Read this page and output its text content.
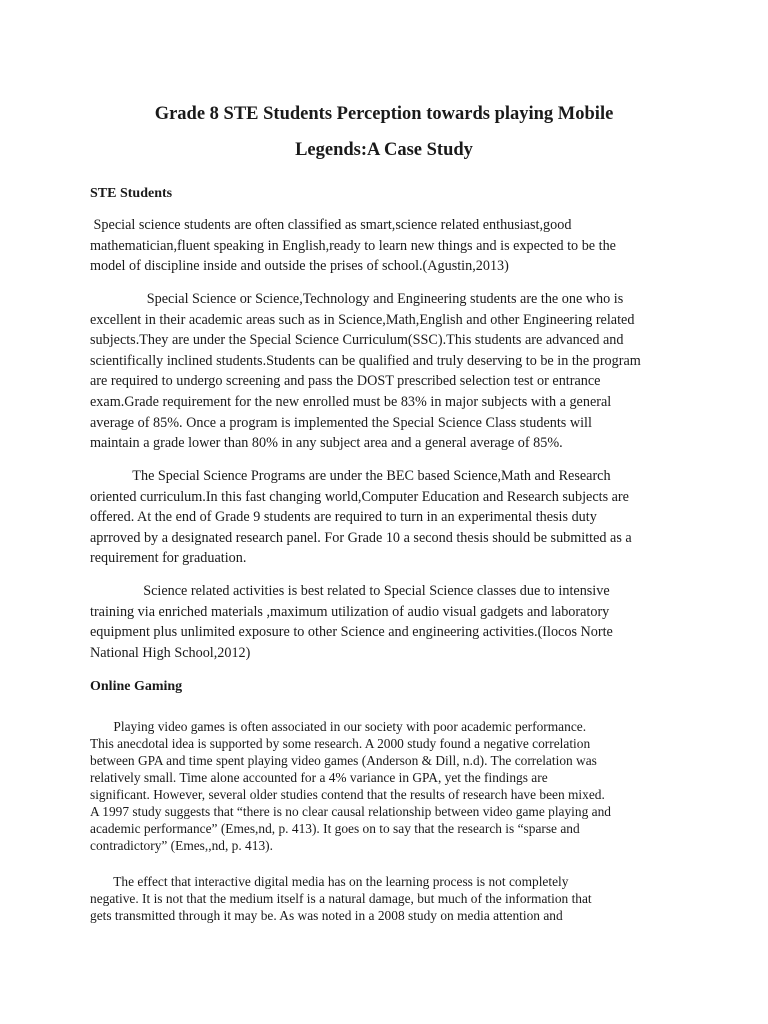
Grade 8 STE Students Perception towards playing Mobile
Legends:A Case Study
STE Students

Special science students are often classified as smart,science related enthusiast,good
mathematician,fluent speaking in English,ready to learn new things and is expected to be the
model of discipline inside and outside the prises of school.(Agustin,2013)

Special Science or Science,Technology and Engineering students are the one who is
excellent in their academic areas such as in Science,Math,English and other Engineering related
subjects.They are under the Special Science Curriculum(SSC).This students are advanced and
scientifically inclined students.Students can be qualified and truly deserving to be in the program
are required to undergo screening and pass the DOST prescribed selection test or entrance
exam.Grade requirement for the new enrolled must be 83% in major subjects with a general
average of 85%. Once a program is implemented the Special Science Class students will
maintain a grade lower than 80% in any subject area and a general average of 85%.

The Special Science Programs are under the BEC based Science,Math and Research
oriented curriculum.In this fast changing world,Computer Education and Research subjects are
offered. At the end of Grade 9 students are required to turn in an experimental thesis duty
aprroved by a designated research panel. For Grade 10 a second thesis should be submitted as a
requirement for graduation.

Science related activities is best related to Special Science classes due to intensive
training via enriched materials ,maximum utilization of audio visual gadgets and laboratory
equipment plus unlimited exposure to other Science and engineering activities.(Ilocos Norte
National High School,2012)

Online Gaming

Playing video games is often associated in our society with poor academic performance.
This anecdotal idea is supported by some research. A 2000 study found a negative correlation
between GPA and time spent playing video games (Anderson & Dill, n.d). The correlation was
relatively small. Time alone accounted for a 4% variance in GPA, yet the findings are
significant. However, several older studies contend that the results of research have been mixed.
A 1997 study suggests that “there is no clear causal relationship between video game playing and
academic performance” (Emes,nd, p. 413). It goes on to say that the research is “sparse and
contradictory” (Emes,,nd, p. 413).

The effect that interactive digital media has on the learning process is not completely
negative. It is not that the medium itself is a natural damage, but much of the information that
gets transmitted through it may be. As was noted in a 2008 study on media attention and
